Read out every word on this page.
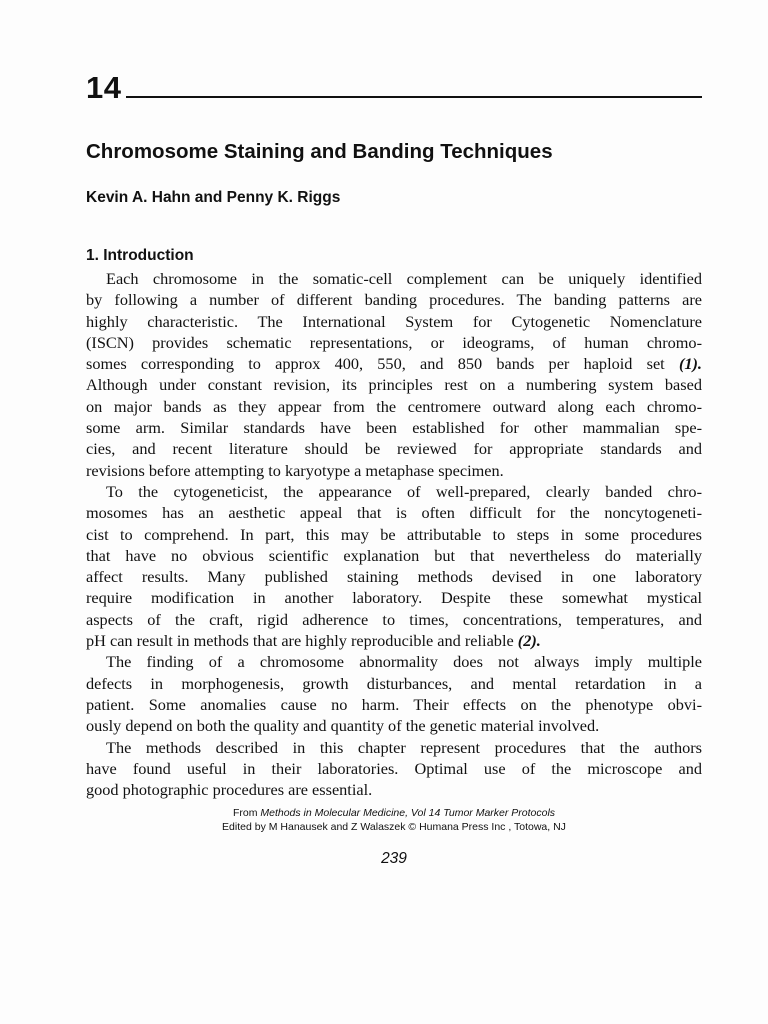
14
Chromosome Staining and Banding Techniques
Kevin A. Hahn and Penny K. Riggs
1. Introduction
Each chromosome in the somatic-cell complement can be uniquely identified
by following a number of different banding procedures. The banding patterns are
highly characteristic. The International System for Cytogenetic Nomenclature
(ISCN) provides schematic representations, or ideograms, of human chromo-
somes corresponding to approx 400, 550, and 850 bands per haploid set (1).
Although under constant revision, its principles rest on a numbering system based
on major bands as they appear from the centromere outward along each chromo-
some arm. Similar standards have been established for other mammalian spe-
cies, and recent literature should be reviewed for appropriate standards and
revisions before attempting to karyotype a metaphase specimen.
To the cytogeneticist, the appearance of well-prepared, clearly banded chro-
mosomes has an aesthetic appeal that is often difficult for the noncytogeneti-
cist to comprehend. In part, this may be attributable to steps in some procedures
that have no obvious scientific explanation but that nevertheless do materially
affect results. Many published staining methods devised in one laboratory
require modification in another laboratory. Despite these somewhat mystical
aspects of the craft, rigid adherence to times, concentrations, temperatures, and
pH can result in methods that are highly reproducible and reliable (2).
The finding of a chromosome abnormality does not always imply multiple
defects in morphogenesis, growth disturbances, and mental retardation in a
patient. Some anomalies cause no harm. Their effects on the phenotype obvi-
ously depend on both the quality and quantity of the genetic material involved.
The methods described in this chapter represent procedures that the authors
have found useful in their laboratories. Optimal use of the microscope and
good photographic procedures are essential.
From Methods in Molecular Medicine, Vol 14 Tumor Marker Protocols
Edited by M Hanausek and Z Walaszek © Humana Press Inc , Totowa, NJ
239
